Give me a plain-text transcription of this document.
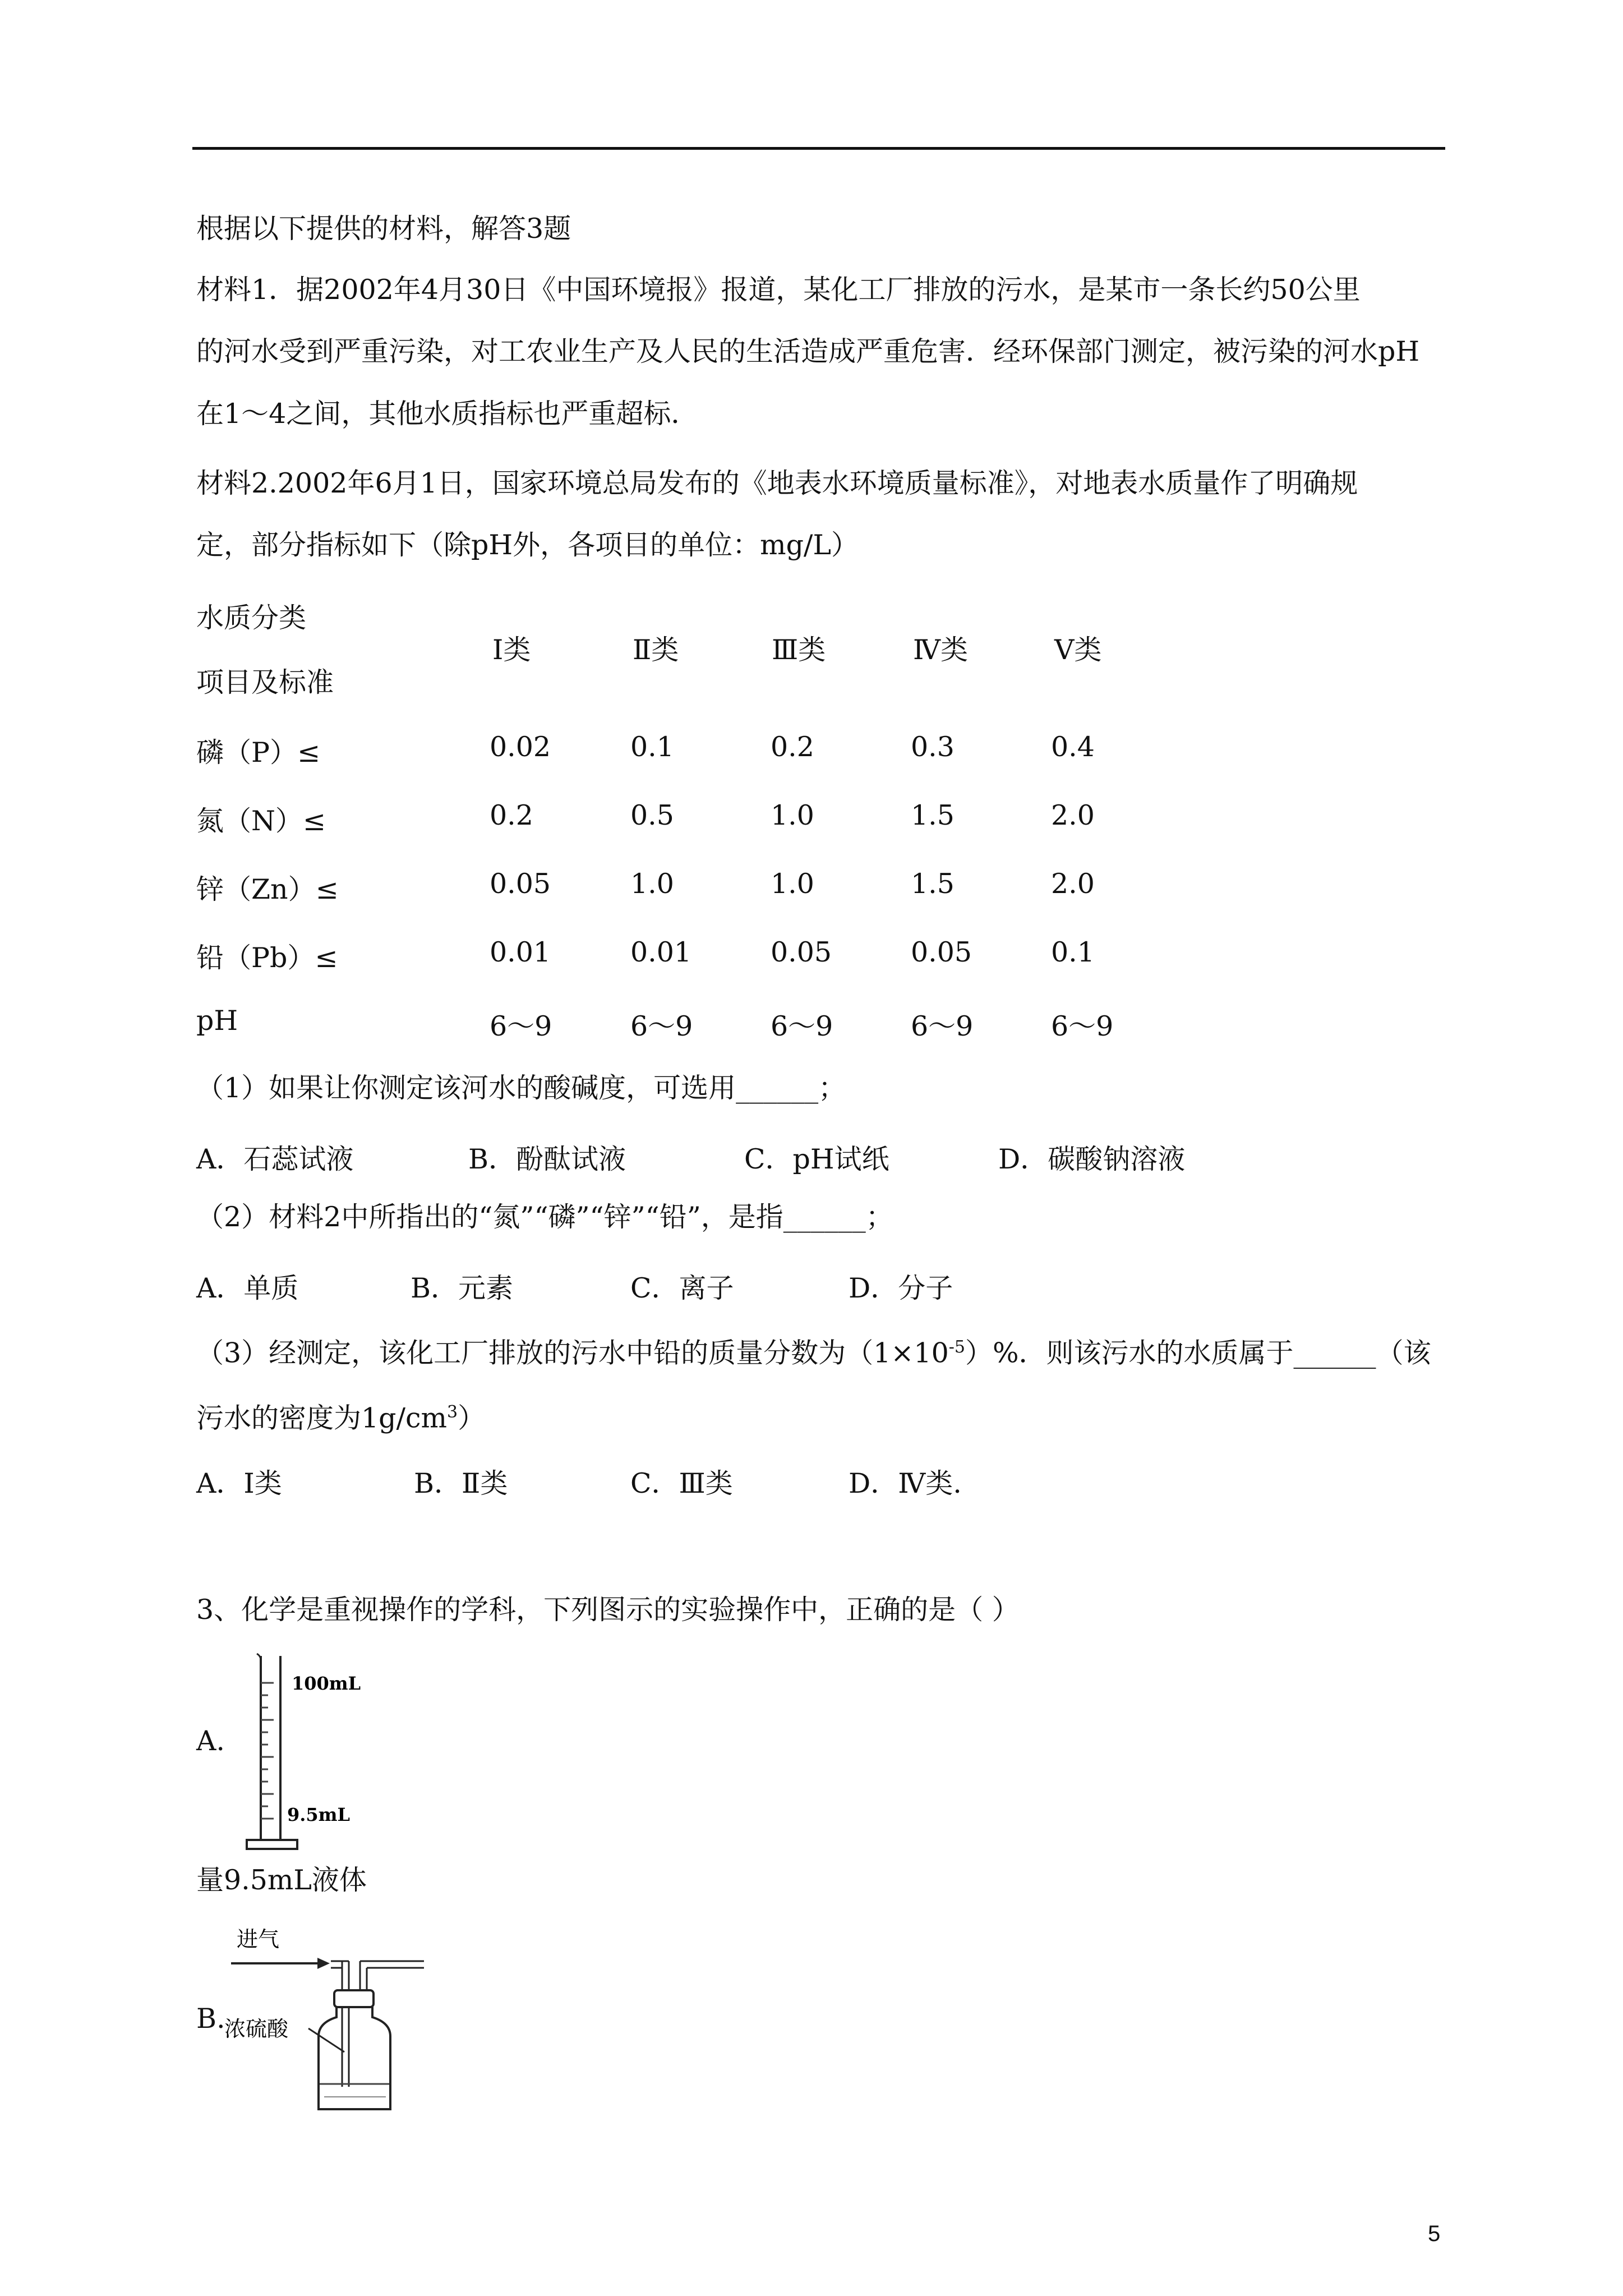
根据以下提供的材料，解答3题
材料1．据2002年4月30日《中国环境报》报道，某化工厂排放的污水，是某市一条长约50公里
的河水受到严重污染，对工农业生产及人民的生活造成严重危害．经环保部门测定，被污染的河水pH
在1～4之间，其他水质指标也严重超标．
材料2.2002年6月1日，国家环境总局发布的《地表水环境质量标准》，对地表水质量作了明确规
定，部分指标如下（除pH外，各项目的单位：mg/L）
水质分类
项目及标准
Ⅰ类	Ⅱ类	Ⅲ类	Ⅳ类	Ⅴ类
磷（P）≤	0.02	0.1	0.2	0.3	0.4
氮（N）≤	0.2	0.5	1.0	1.5	2.0
锌（Zn）≤	0.05	1.0	1.0	1.5	2.0
铅（Pb）≤	0.01	0.01	0.05	0.05	0.1
pH	6～9	6～9	6～9	6～9	6～9
（1）如果让你测定该河水的酸碱度，可选用______；
A．石蕊试液	B．酚酞试液	C．pH试纸	D．碳酸钠溶液
（2）材料2中所指出的“氮”“磷”“锌”“铅”，是指______；
A．单质	B．元素	C．离子	D．分子
（3）经测定，该化工厂排放的污水中铅的质量分数为$(1\times 10^{-5})\%$．则该污水的水质属于______（该
污水的密度为$1g/cm^3$）
A．Ⅰ类	B．Ⅱ类	C．Ⅲ类	D．Ⅳ类.
3、化学是重视操作的学科，下列图示的实验操作中，正确的是（ ）
A.
100mL
9.5mL
量9.5mL液体
B.
进气
浓硫酸
5
